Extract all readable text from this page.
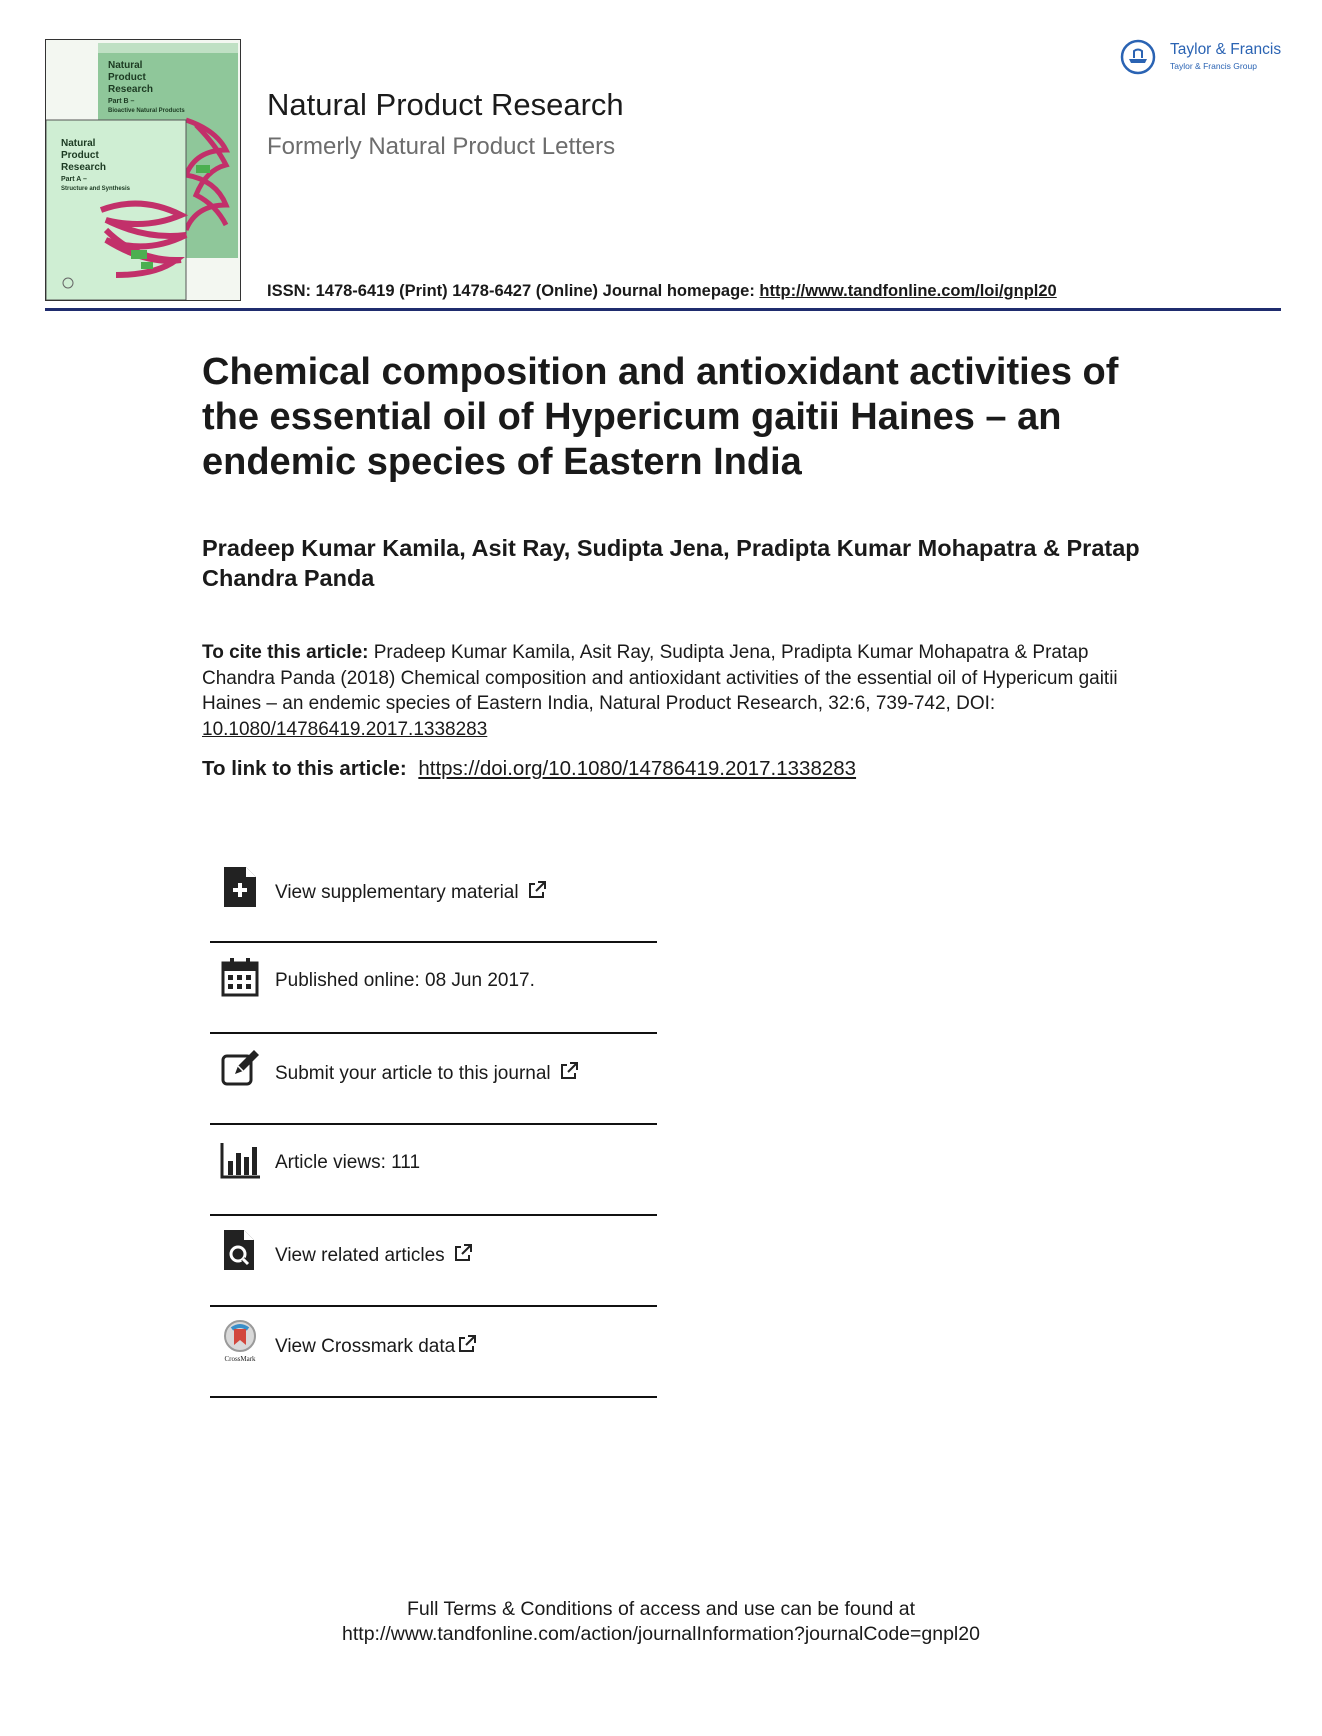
Natural
Product
Research
Part B –
Bioactive Natural Products
Natural
Product
Research
Part A –
Structure and Synthesis
Natural Product Research
Formerly Natural Product Letters
ISSN: 1478-6419 (Print) 1478-6427 (Online) Journal homepage: http://www.tandfonline.com/loi/gnpl20
Taylor & Francis
Taylor & Francis Group
Chemical composition and antioxidant activities of the essential oil of Hypericum gaitii Haines – an endemic species of Eastern India
Pradeep Kumar Kamila, Asit Ray, Sudipta Jena, Pradipta Kumar Mohapatra & Pratap Chandra Panda
To cite this article: Pradeep Kumar Kamila, Asit Ray, Sudipta Jena, Pradipta Kumar Mohapatra & Pratap Chandra Panda (2018) Chemical composition and antioxidant activities of the essential oil of Hypericum gaitii Haines – an endemic species of Eastern India, Natural Product Research, 32:6, 739-742, DOI: 10.1080/14786419.2017.1338283
To link to this article: https://doi.org/10.1080/14786419.2017.1338283
View supplementary material
Published online: 08 Jun 2017.
Submit your article to this journal
Article views: 111
View related articles
CrossMark
View Crossmark data
Full Terms & Conditions of access and use can be found at
http://www.tandfonline.com/action/journalInformation?journalCode=gnpl20
